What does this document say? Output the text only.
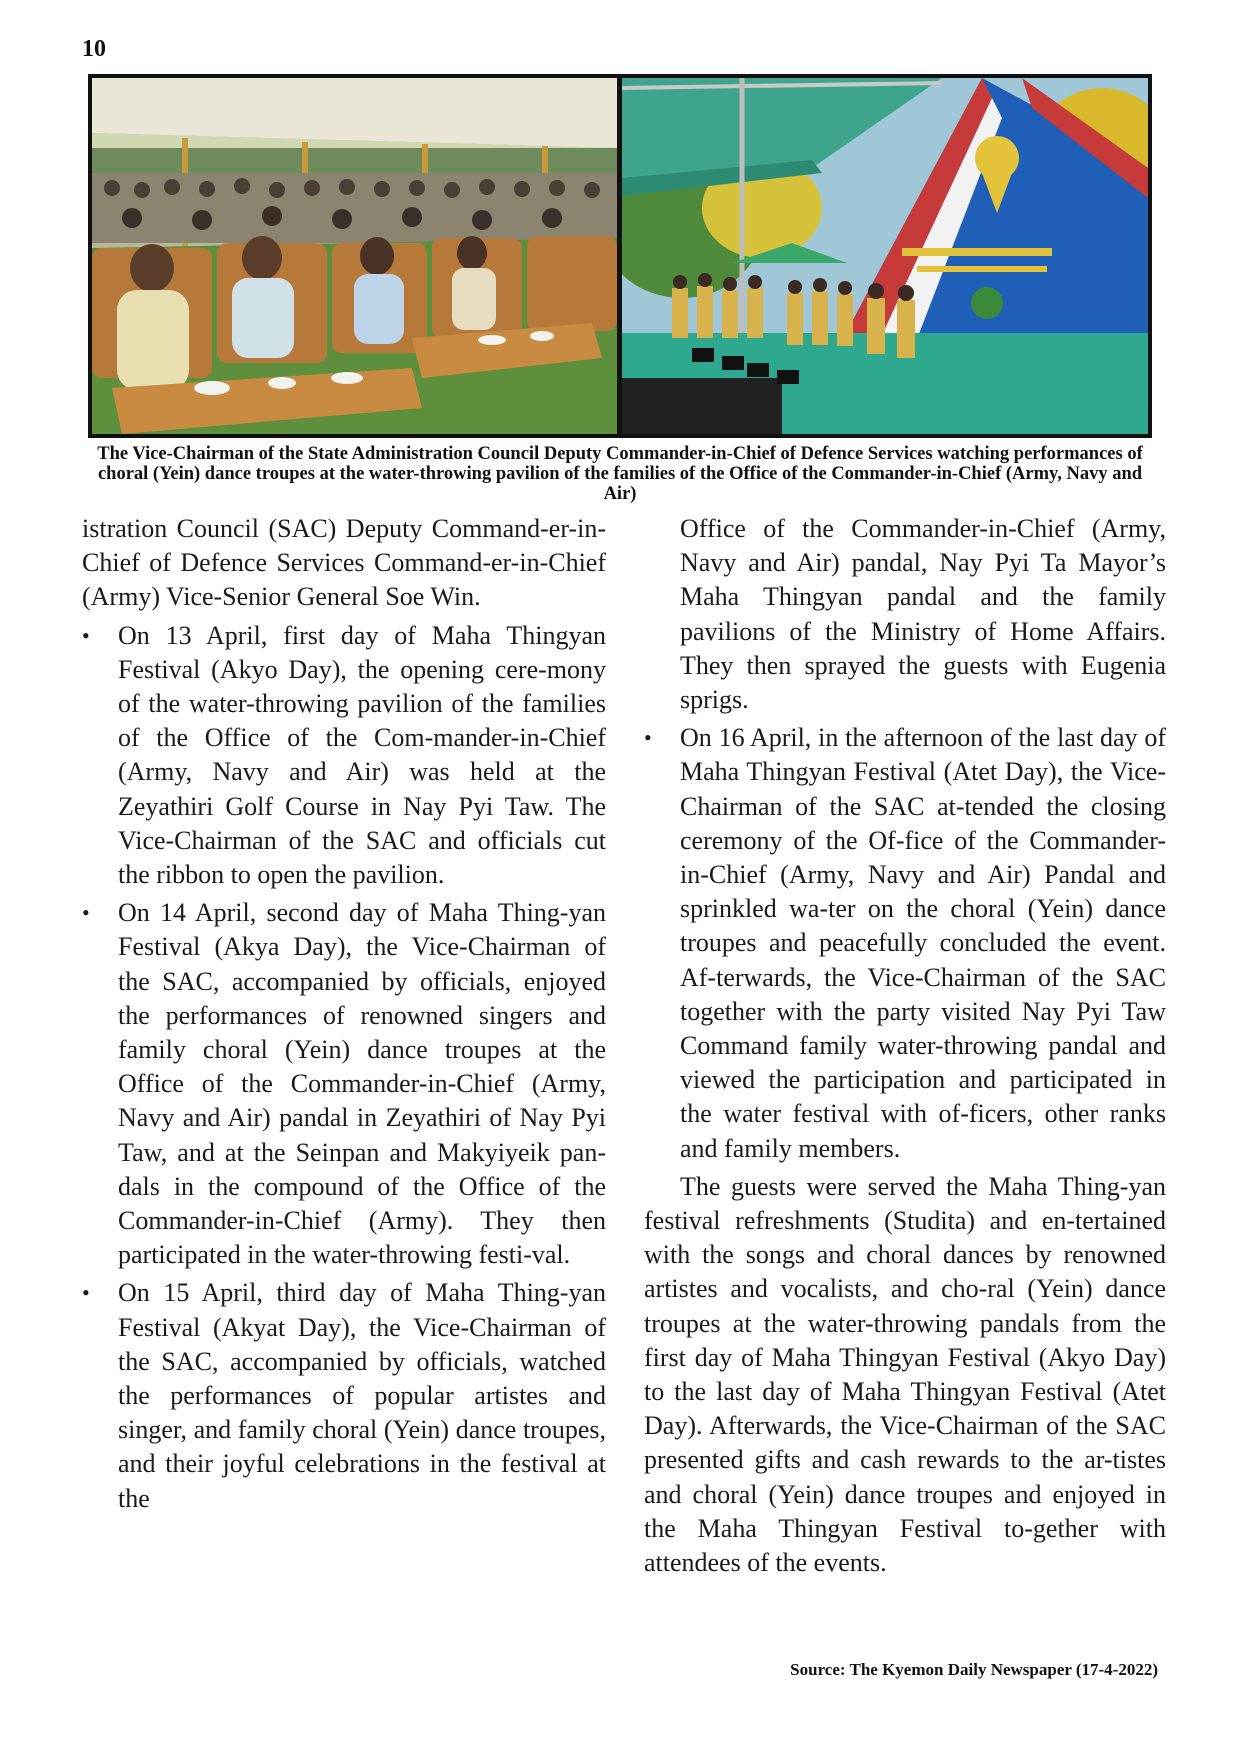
10
The Vice-Chairman of the State Administration Council Deputy Commander-in-Chief of Defence Services watching performances of choral (Yein) dance troupes at the water-throwing pavilion of the families of the Office of the Commander-in-Chief (Army, Navy and Air)

istration Council (SAC) Deputy Command-er-in-Chief of Defence Services Command-er-in-Chief (Army) Vice-Senior General Soe Win.

• On 13 April, first day of Maha Thingyan Festival (Akyo Day), the opening cere-mony of the water-throwing pavilion of the families of the Office of the Com-mander-in-Chief (Army, Navy and Air) was held at the Zeyathiri Golf Course in Nay Pyi Taw. The Vice-Chairman of the SAC and officials cut the ribbon to open the pavilion.
• On 14 April, second day of Maha Thing-yan Festival (Akya Day), the Vice-Chairman of the SAC, accompanied by officials, enjoyed the performances of renowned singers and family choral (Yein) dance troupes at the Office of the Commander-in-Chief (Army, Navy and Air) pandal in Zeyathiri of Nay Pyi Taw, and at the Seinpan and Makyiyeik pan-dals in the compound of the Office of the Commander-in-Chief (Army). They then participated in the water-throwing festi-val.
• On 15 April, third day of Maha Thing-yan Festival (Akyat Day), the Vice-Chairman of the SAC, accompanied by officials, watched the performances of popular artistes and singer, and family choral (Yein) dance troupes, and their joyful celebrations in the festival at the

Office of the Commander-in-Chief (Army, Navy and Air) pandal, Nay Pyi Ta Mayor’s Maha Thingyan pandal and the family pavilions of the Ministry of Home Affairs. They then sprayed the guests with Eugenia sprigs.

• On 16 April, in the afternoon of the last day of Maha Thingyan Festival (Atet Day), the Vice-Chairman of the SAC at-tended the closing ceremony of the Of-fice of the Commander-in-Chief (Army, Navy and Air) Pandal and sprinkled wa-ter on the choral (Yein) dance troupes and peacefully concluded the event. Af-terwards, the Vice-Chairman of the SAC together with the party visited Nay Pyi Taw Command family water-throwing pandal and viewed the participation and participated in the water festival with of-ficers, other ranks and family members.

The guests were served the Maha Thing-yan festival refreshments (Studita) and en-tertained with the songs and choral dances by renowned artistes and vocalists, and cho-ral (Yein) dance troupes at the water-throwing pandals from the first day of Maha Thingyan Festival (Akyo Day) to the last day of Maha Thingyan Festival (Atet Day). Afterwards, the Vice-Chairman of the SAC presented gifts and cash rewards to the ar-tistes and choral (Yein) dance troupes and enjoyed in the Maha Thingyan Festival to-gether with attendees of the events.

Source: The Kyemon Daily Newspaper (17-4-2022)
